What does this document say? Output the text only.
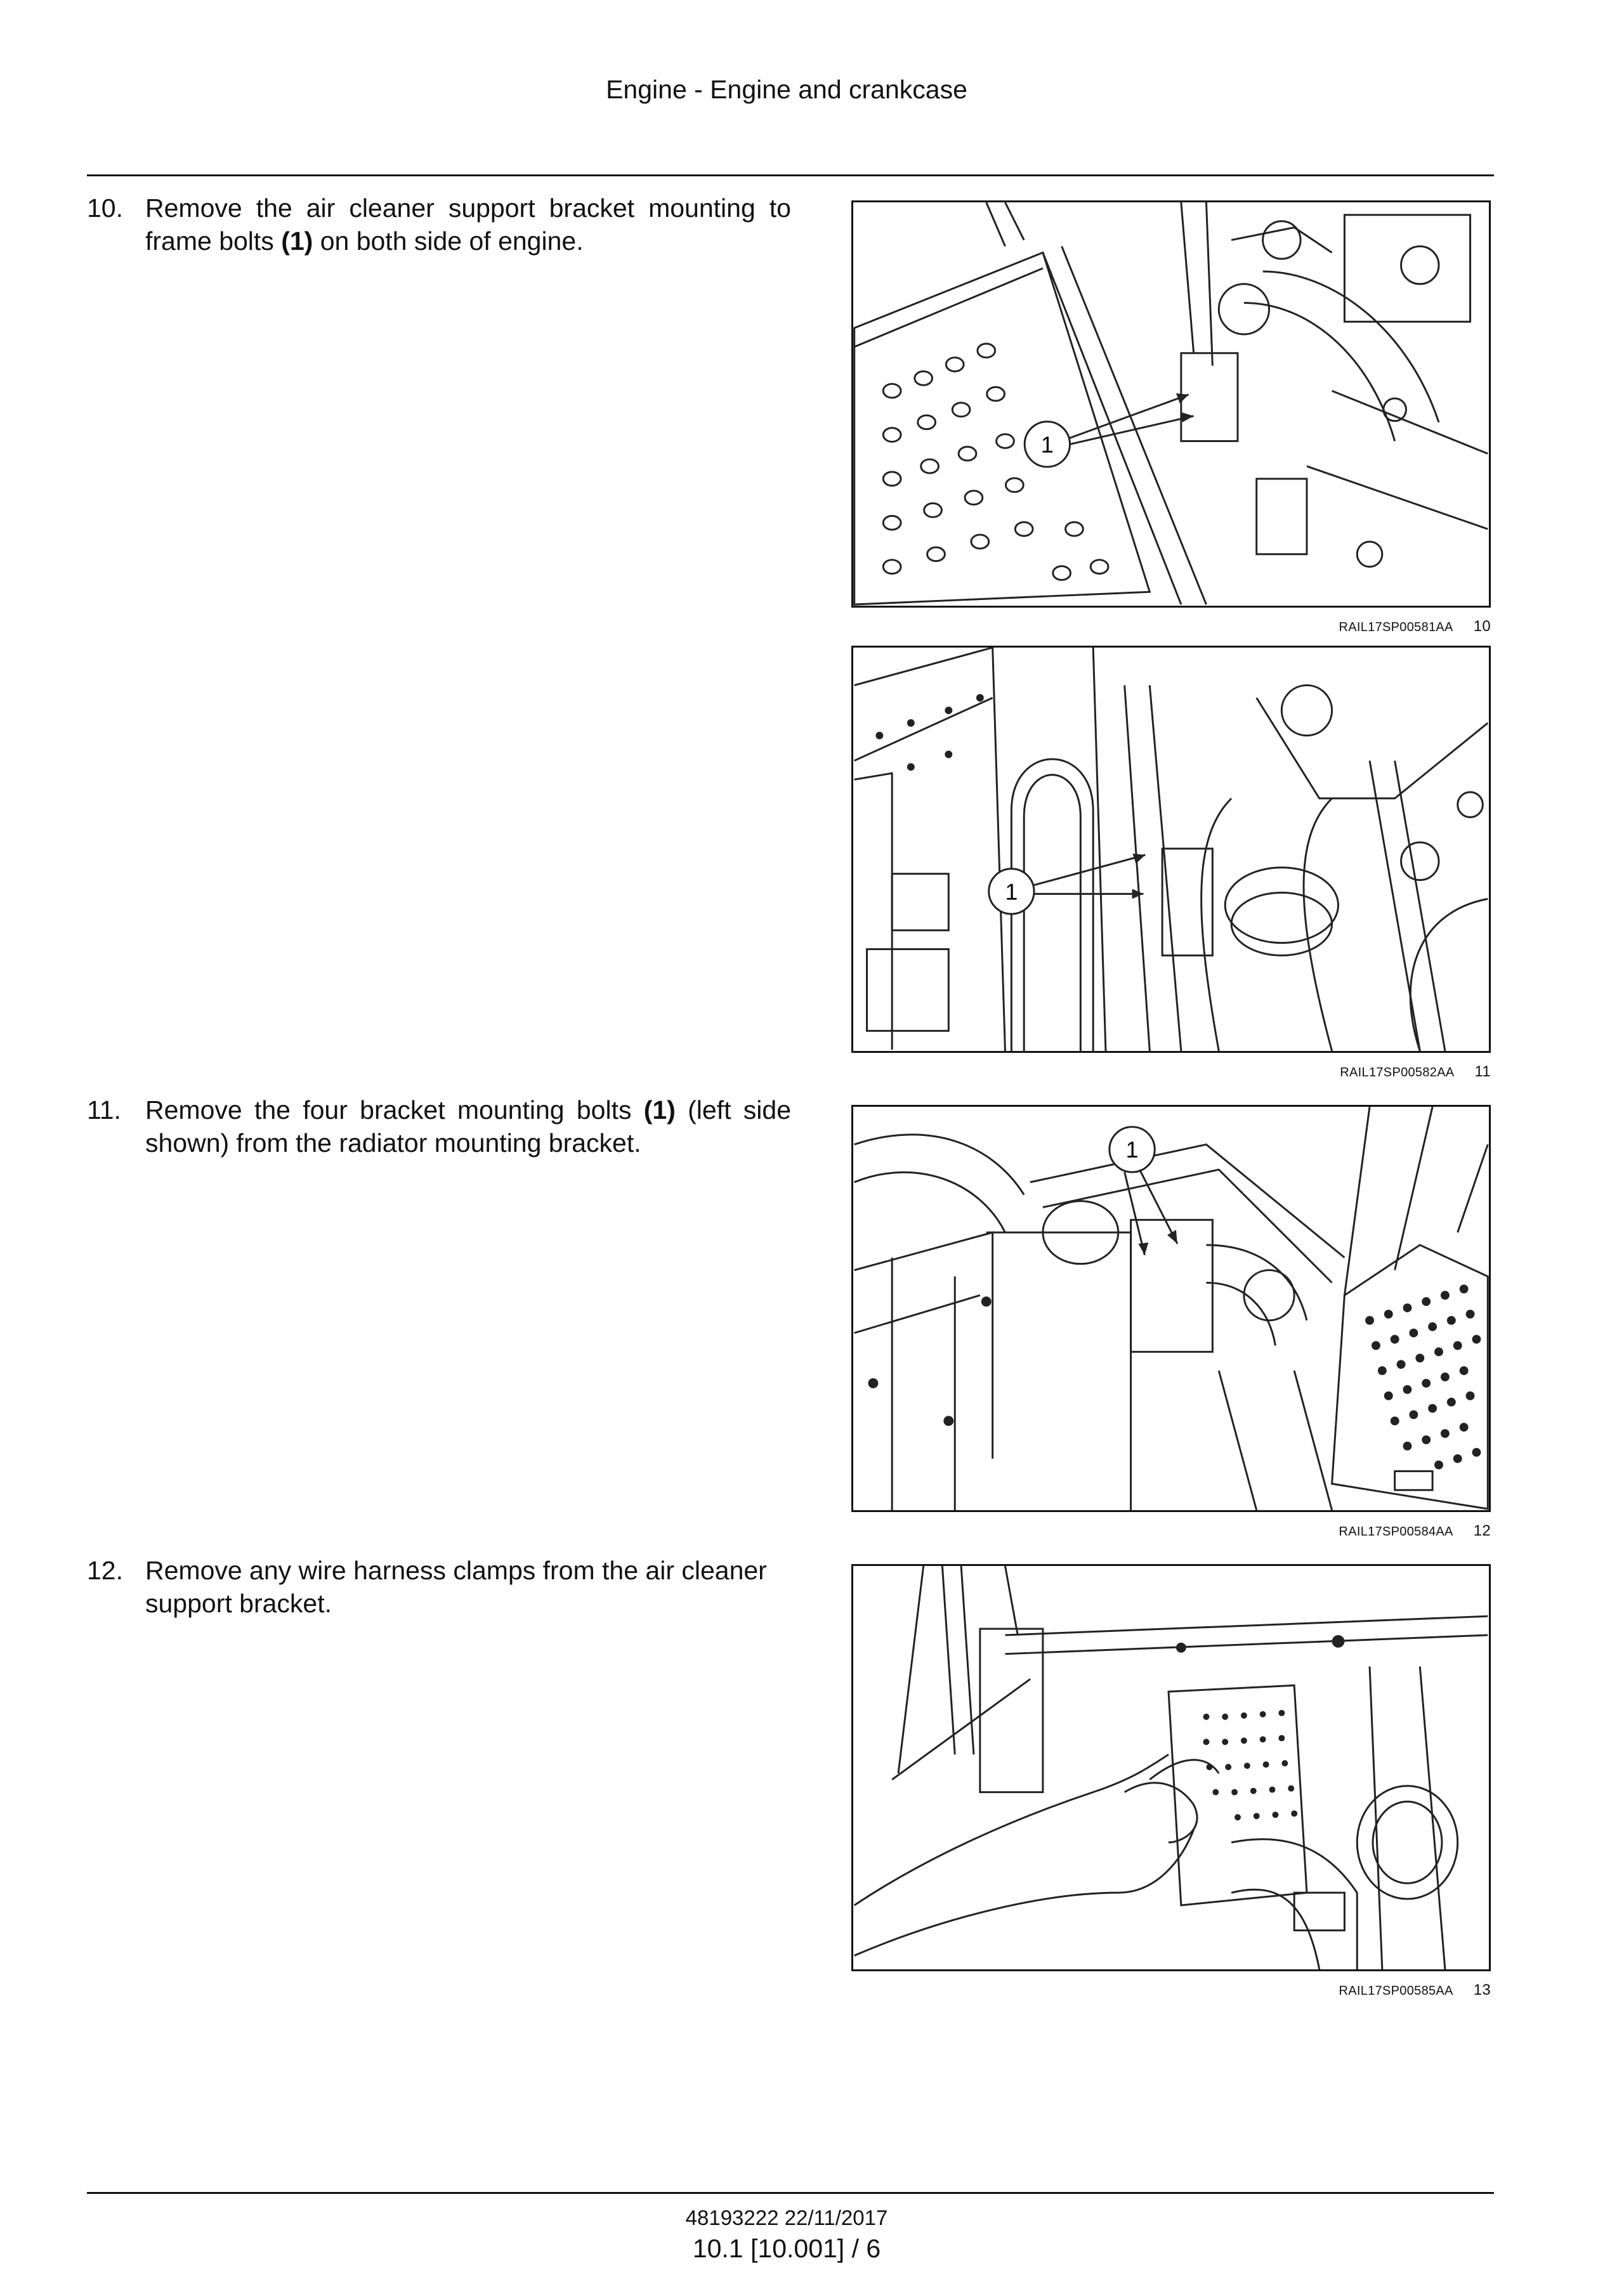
Engine - Engine and crankcase
10. Remove the air cleaner support bracket mounting to frame bolts (1) on both side of engine.
11. Remove the four bracket mounting bolts (1) (left side shown) from the radiator mounting bracket.
12. Remove any wire harness clamps from the air cleaner support bracket.
1
RAIL17SP00581AA 10
1
RAIL17SP00582AA 11
1
RAIL17SP00584AA 12
RAIL17SP00585AA 13
48193222 22/11/2017
10.1 [10.001] / 6
